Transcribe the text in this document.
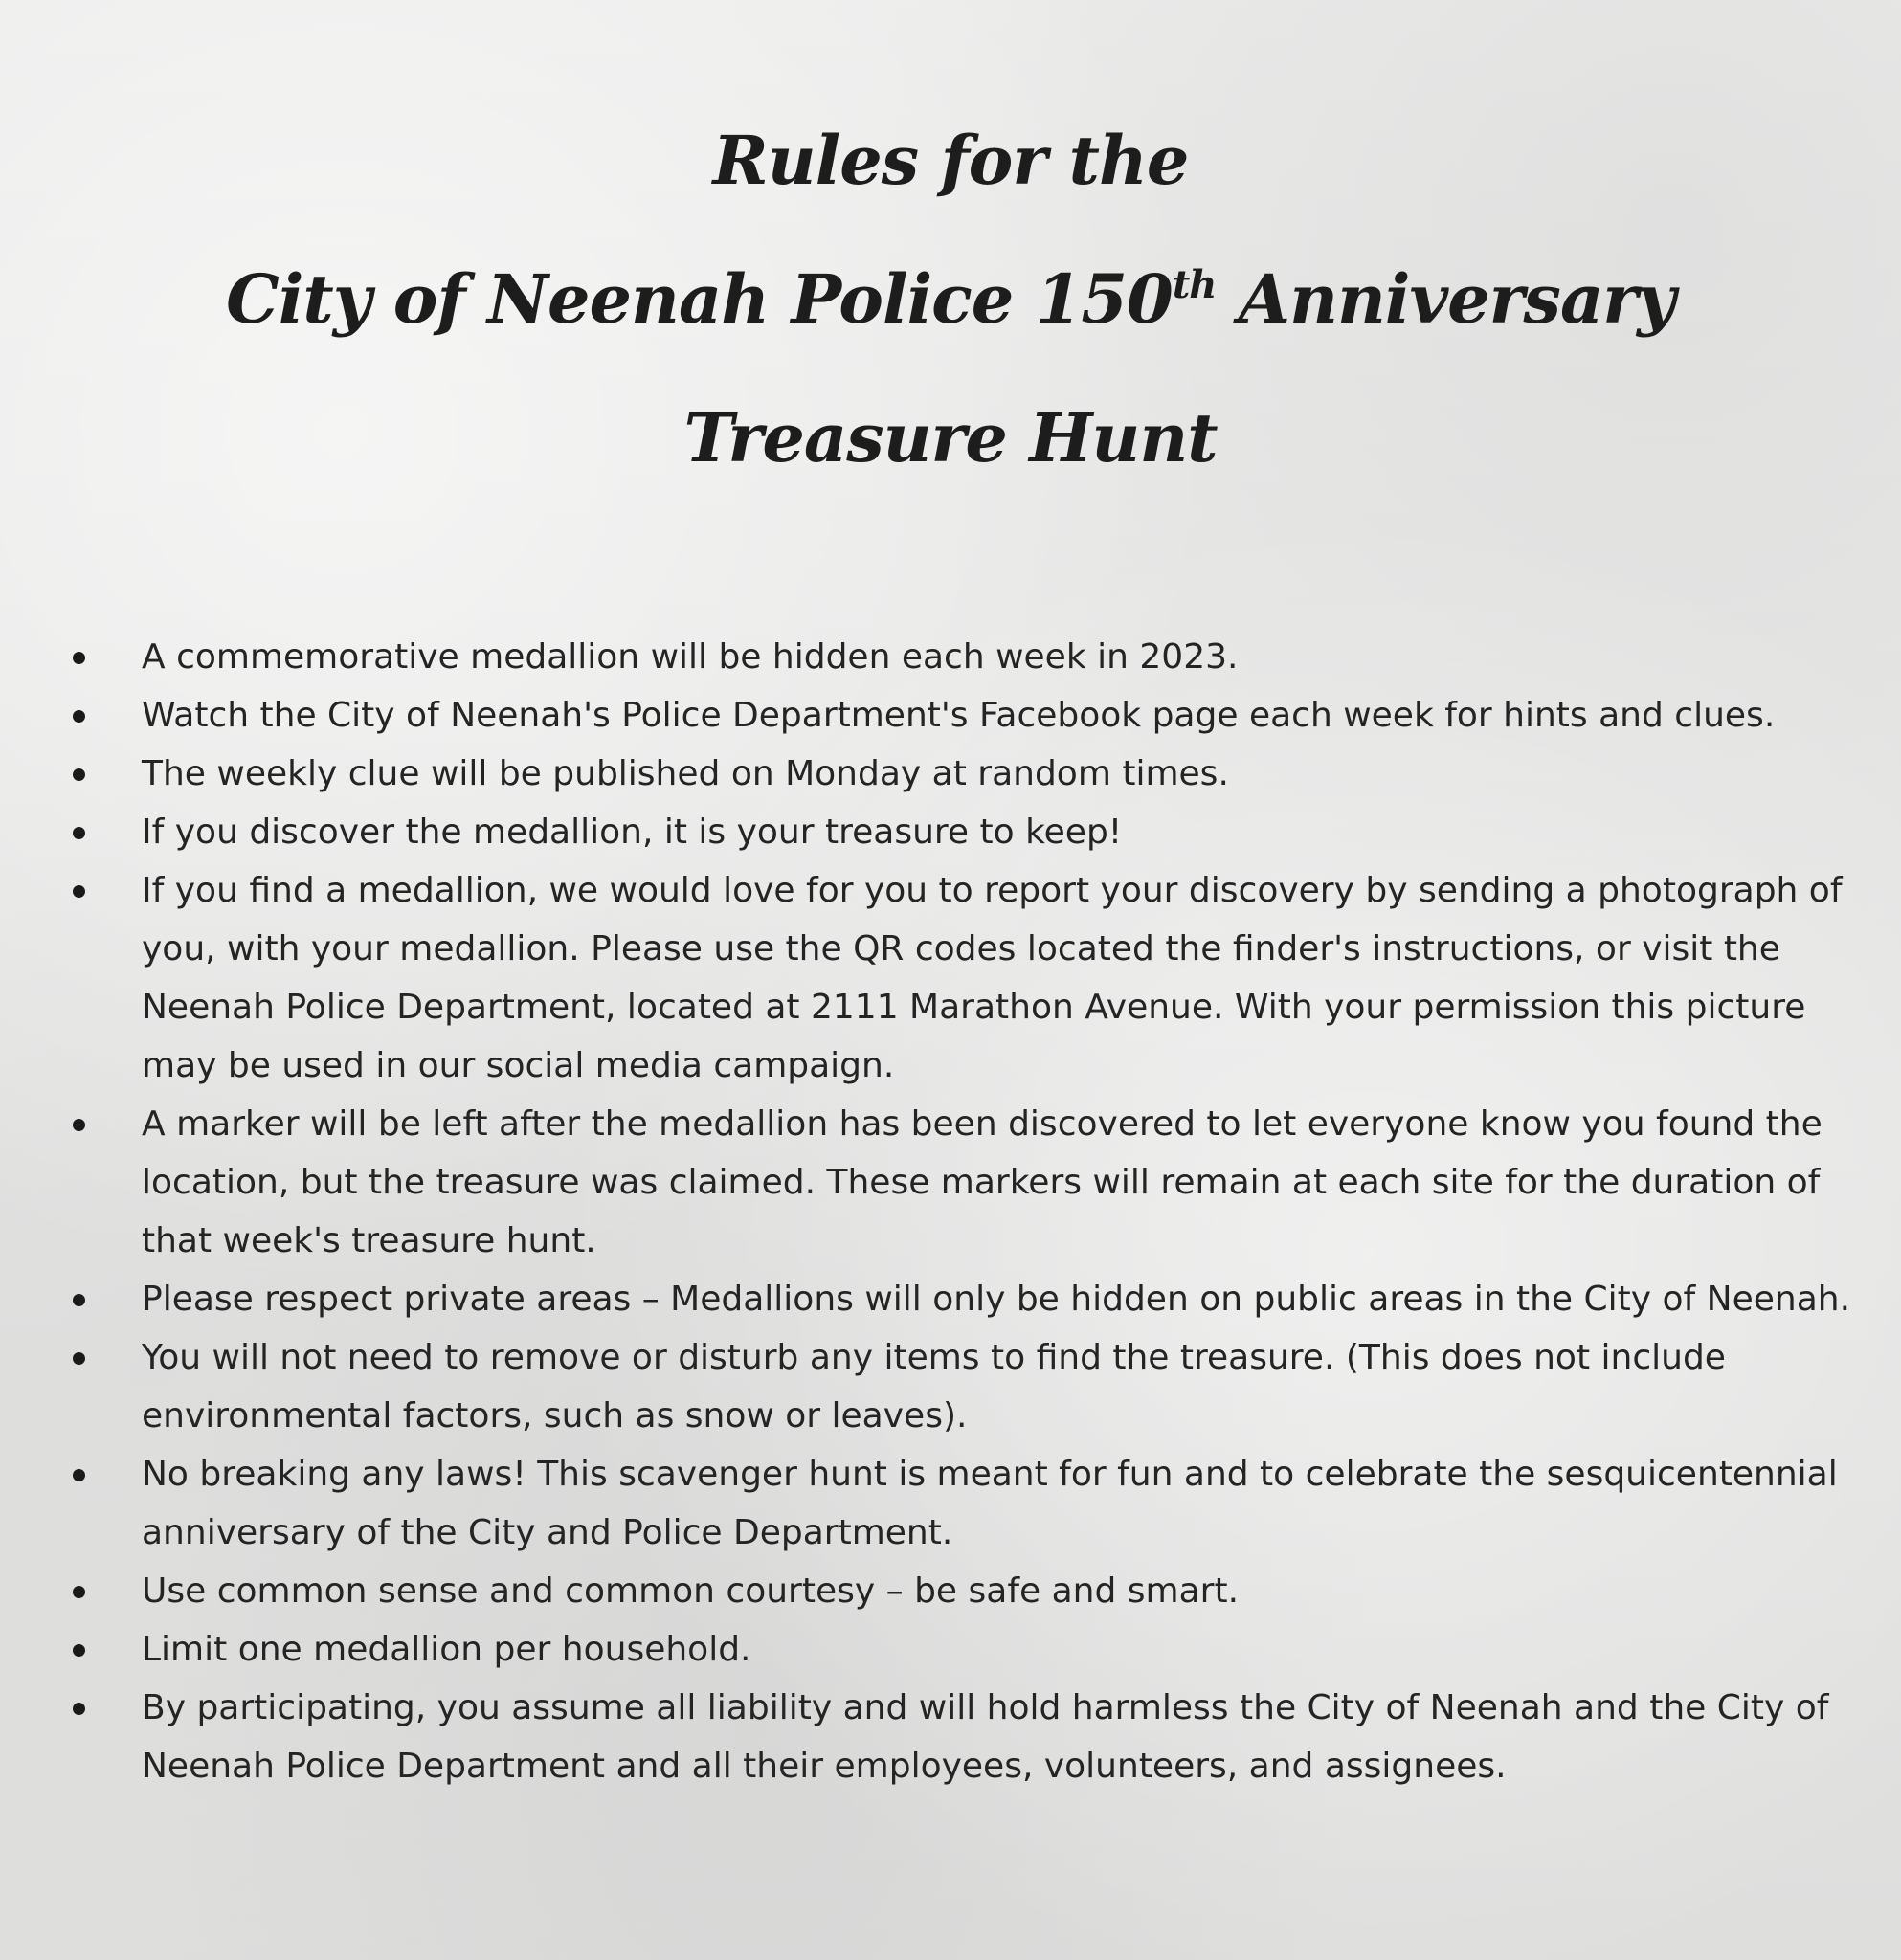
Rules for the
City of Neenah Police 150th Anniversary
Treasure Hunt
A commemorative medallion will be hidden each week in 2023.
Watch the City of Neenah's Police Department's Facebook page each week for hints and clues.
The weekly clue will be published on Monday at random times.
If you discover the medallion, it is your treasure to keep!
If you find a medallion, we would love for you to report your discovery by sending a photograph of you, with your medallion. Please use the QR codes located the finder's instructions, or visit the Neenah Police Department, located at 2111 Marathon Avenue. With your permission this picture may be used in our social media campaign.
A marker will be left after the medallion has been discovered to let everyone know you found the location, but the treasure was claimed. These markers will remain at each site for the duration of that week's treasure hunt.
Please respect private areas – Medallions will only be hidden on public areas in the City of Neenah.
You will not need to remove or disturb any items to find the treasure. (This does not include environmental factors, such as snow or leaves).
No breaking any laws! This scavenger hunt is meant for fun and to celebrate the sesquicentennial anniversary of the City and Police Department.
Use common sense and common courtesy – be safe and smart.
Limit one medallion per household.
By participating, you assume all liability and will hold harmless the City of Neenah and the City of Neenah Police Department and all their employees, volunteers, and assignees.
